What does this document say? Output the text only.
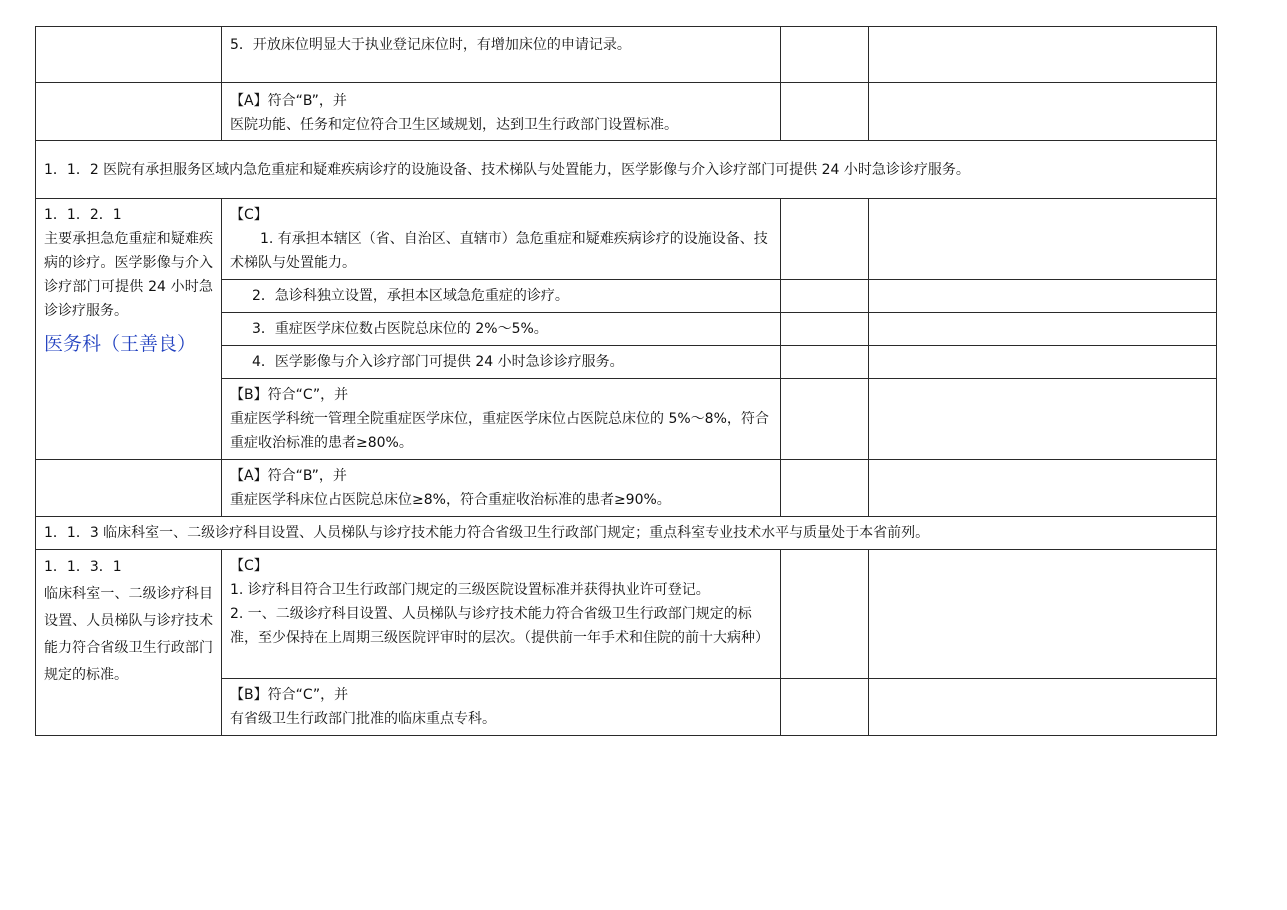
	5．开放床位明显大于执业登记床位时，有增加床位的申请记录。		

	【A】符合“B”，并
医院功能、任务和定位符合卫生区域规划，达到卫生行政部门设置标准。		

1．1．2 医院有承担服务区域内急危重症和疑难疾病诊疗的设施设备、技术梯队与处置能力，医学影像与介入诊疗部门可提供 24 小时急诊诊疗服务。			

1．1．2．1
主要承担急危重症和疑难疾病的诊疗。医学影像与介入诊疗部门可提供 24 小时急诊诊疗服务。
医务科（王善良）	【C】
1. 有承担本辖区（省、自治区、直辖市）急危重症和疑难疾病诊疗的设施设备、技术梯队与处置能力。		

	2．急诊科独立设置，承担本区域急危重症的诊疗。		
	3．重症医学床位数占医院总床位的 2%～5%。		
	4．医学影像与介入诊疗部门可提供 24 小时急诊诊疗服务。		

	【B】符合“C”，并
重症医学科统一管理全院重症医学床位，重症医学床位占医院总床位的 5%～8%，符合重症收治标准的患者≥80%。		

	【A】符合“B”，并
重症医学科床位占医院总床位≥8%，符合重症收治标准的患者≥90%。		

1．1．3 临床科室一、二级诊疗科目设置、人员梯队与诊疗技术能力符合省级卫生行政部门规定；重点科室专业技术水平与质量处于本省前列。			

1．1．3．1
临床科室一、二级诊疗科目设置、人员梯队与诊疗技术能力符合省级卫生行政部门规定的标准。	【C】
1. 诊疗科目符合卫生行政部门规定的三级医院设置标准并获得执业许可登记。
2. 一、二级诊疗科目设置、人员梯队与诊疗技术能力符合省级卫生行政部门规定的标准，至少保持在上周期三级医院评审时的层次。（提供前一年手术和住院的前十大病种）		

	【B】符合“C”，并
有省级卫生行政部门批准的临床重点专科。		
